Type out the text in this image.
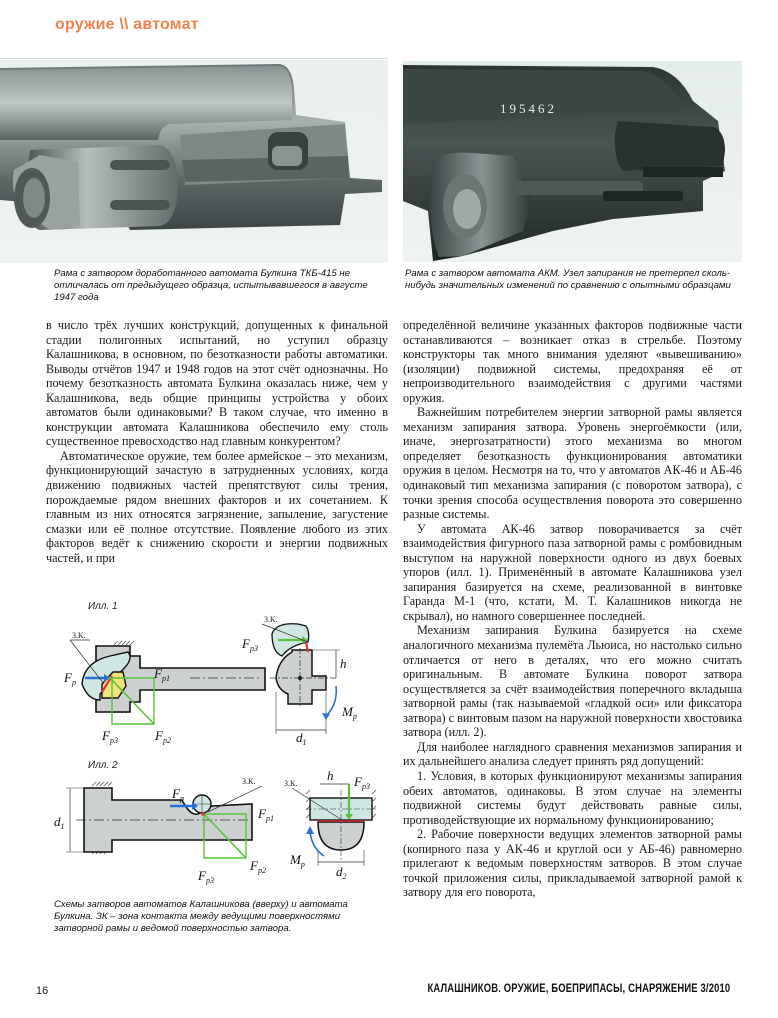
оружие \\ автомат
195462
Рама с затвором доработанного автомата Булкина ТКБ-415 не отличалась от предыдущего образца, испытывавшегося в августе 1947 года
Рама с затвором автомата АКМ. Узел запирания не претерпел сколь-нибудь значительных изменений по сравнению с опытными образцами

в число трёх лучших конструкций, допущенных к финальной стадии полигонных испытаний, но уступил образцу Калашникова, в основном, по безотказности работы автоматики. Выводы отчётов 1947 и 1948 годов на этот счёт однозначны. Но почему безотказность автомата Булкина оказалась ниже, чем у Калашникова, ведь общие принципы устройства у обоих автоматов были одинаковыми? В таком случае, что именно в конструкции автомата Калашникова обеспечило ему столь существенное превосходство над главным конкурентом?

Автоматическое оружие, тем более армейское – это механизм, функционирующий зачастую в затрудненных условиях, когда движению подвижных частей препятствуют силы трения, порождаемые рядом внешних факторов и их сочетанием. К главным из них относятся загрязнение, запыление, загустение смазки или её полное отсутствие. Появление любого из этих факторов ведёт к снижению скорости и энергии подвижных частей, и при

определённой величине указанных факторов подвижные части останавливаются – возникает отказ в стрельбе. Поэтому конструкторы так много внимания уделяют «вывешиванию» (изоляции) подвижной системы, предохраняя её от непроизводительного взаимодействия с другими частями оружия.

Важнейшим потребителем энергии затворной рамы является механизм запирания затвора. Уровень энергоёмкости (или, иначе, энергозатратности) этого механизма во многом определяет безотказность функционирования автоматики оружия в целом. Несмотря на то, что у автоматов АК-46 и АБ-46 одинаковый тип механизма запирания (с поворотом затвора), с точки зрения способа осуществления поворота это совершенно разные системы.

У автомата АК-46 затвор поворачивается за счёт взаимодействия фигурного паза затворной рамы с ромбовидным выступом на наружной поверхности одного из двух боевых упоров (илл. 1). Применённый в автомате Калашникова узел запирания базируется на схеме, реализованной в винтовке Гаранда М-1 (что, кстати, М. Т. Калашников никогда не скрывал), но намного совершеннее последней.

Механизм запирания Булкина базируется на схеме аналогичного механизма пулемёта Льюиса, но настолько сильно отличается от него в деталях, что его можно считать оригинальным. В автомате Булкина поворот затвора осуществляется за счёт взаимодействия поперечного вкладыша затворной рамы (так называемой «гладкой оси» или фиксатора затвора) с винтовым пазом на наружной поверхности хвостовика затвора (илл. 2).

Для наиболее наглядного сравнения механизмов запирания и их дальнейшего анализа следует принять ряд допущений:

1. Условия, в которых функционируют механизмы запирания обеих автоматов, одинаковы. В этом случае на элементы подвижной системы будут действовать равные силы, противодействующие их нормальному функционированию;

2. Рабочие поверхности ведущих элементов затворной рамы (копирного паза у АК-46 и круглой оси у АБ-46) равномерно прилегают к ведомым поверхностям затворов. В этом случае точкой приложения силы, прикладываемой затворной рамой к затвору для его поворота,

Илл. 1
З.К.
$F_p$
$F_{p1}$
$F_{p3}$	$F_{p2}$
З.К.
$F_{p3}$
h
$d_1$
$M_p$
Илл. 2
З.К.
$F_p$
$F_{p1}$
$F_{p3}$
$F_{p2}$
$d_1$
h
З.К.	$F_{p3}$
$d_2$
$M_p$
Схемы затворов автоматов Калашникова (вверху) и автомата Булкина. ЗК – зона контакта между ведущими поверхностями затворной рамы и ведомой поверхностью затвора.
16	КАЛАШНИКОВ. ОРУЖИЕ, БОЕПРИПАСЫ, СНАРЯЖЕНИЕ 3/2010
